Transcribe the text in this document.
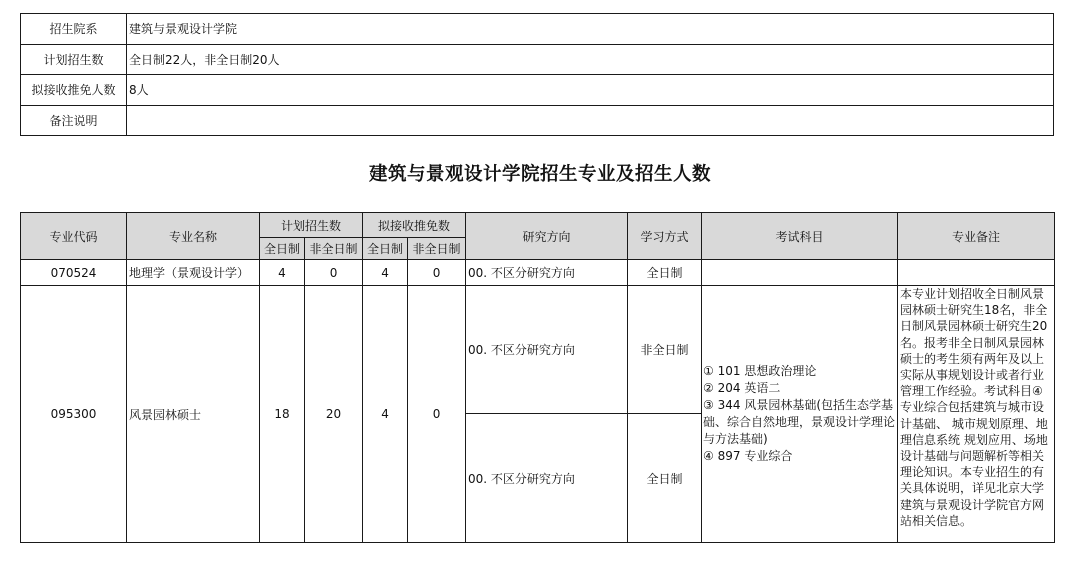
招生院系	建筑与景观设计学院
计划招生数	全日制22人，非全日制20人
拟接收推免人数	8人
备注说明	
建筑与景观设计学院招生专业及招生人数
专业代码	专业名称	计划招生数		拟接收推免数		研究方向	学习方式	考试科目	专业备注
		全日制	非全日制	全日制	非全日制				
070524	地理学（景观设计学）	4	0	4	0	00. 不区分研究方向	全日制		
095300	风景园林硕士	18	20	4	0	00. 不区分研究方向	非全日制	① 101 思想政治理论
② 204 英语二
③ 344 风景园林基础(包括生态学基础、综合自然地理，景观设计学理论与方法基础)
④ 897 专业综合	本专业计划招收全日制风景园林硕士研究生18名，非全日制风景园林硕士研究生20名。报考非全日制风景园林硕士的考生须有两年及以上实际从事规划设计或者行业管理工作经验。考试科目④专业综合包括建筑与城市设计基础、 城市规划原理、地理信息系统 规划应用、场地设计基础与问题解析等相关理论知识。本专业招生的有关具体说明，详见北京大学建筑与景观设计学院官方网站相关信息。
						00. 不区分研究方向	全日制		
